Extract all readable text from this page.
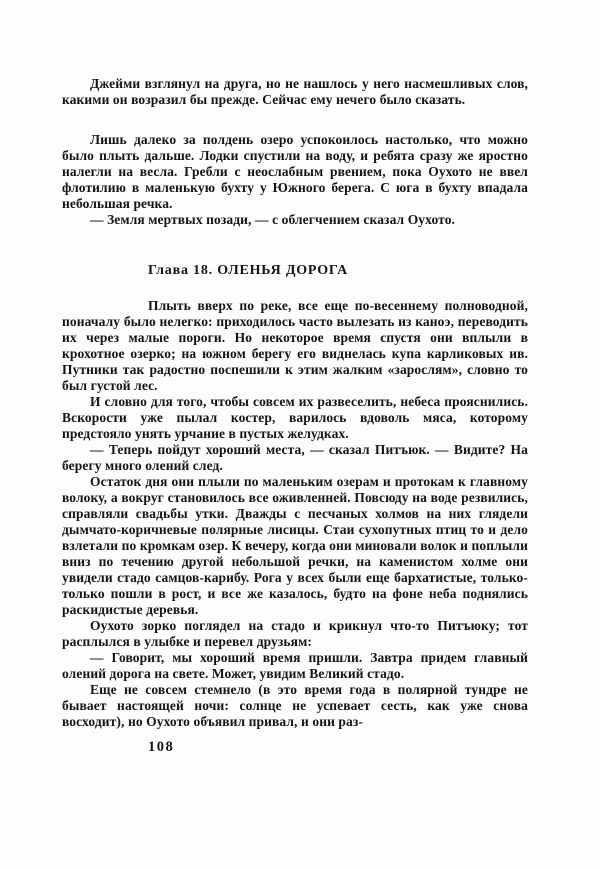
Джейми взглянул на друга, но не нашлось у него насмешливых слов, какими он возразил бы прежде. Сейчас ему нечего было сказать.

Лишь далеко за полдень озеро успокоилось настолько, что можно было плыть дальше. Лодки спустили на воду, и ребята сразу же яростно налегли на весла. Гребли с неослабным рвением, пока Оухото не ввел флотилию в маленькую бухту у Южного берега. С юга в бухту впадала небольшая речка.

— Земля мертвых позади, — с облегчением сказал Оухото.

Глава 18. ОЛЕНЬЯ ДОРОГА

Плыть вверх по реке, все еще по-весеннему полноводной, поначалу было нелегко: приходилось часто вылезать из каноэ, переводить их через малые пороги. Но некоторое время спустя они вплыли в крохотное озерко; на южном берегу его виднелась купа карликовых ив. Путники так радостно поспешили к этим жалким «зарослям», словно то был густой лес.

И словно для того, чтобы совсем их развеселить, небеса прояснились. Вскорости уже пылал костер, варилось вдоволь мяса, которому предстояло унять урчание в пустых желудках.

— Теперь пойдут хороший места, — сказал Питъюк. — Видите? На берегу много олений след.

Остаток дня они плыли по маленьким озерам и протокам к главному волоку, а вокруг становилось все оживленней. Повсюду на воде резвились, справляли свадьбы утки. Дважды с песчаных холмов на них глядели дымчато-коричневые полярные лисицы. Стаи сухопутных птиц то и дело взлетали по кромкам озер. К вечеру, когда они миновали волок и поплыли вниз по течению другой небольшой речки, на каменистом холме они увидели стадо самцов-карибу. Рога у всех были еще бархатистые, только-только пошли в рост, и все же казалось, будто на фоне неба поднялись раскидистые деревья.

Оухото зорко поглядел на стадо и крикнул что-то Питъюку; тот расплылся в улыбке и перевел друзьям:

— Говорит, мы хороший время пришли. Завтра придем главный олений дорога на свете. Может, увидим Великий стадо.

Еще не совсем стемнело (в это время года в полярной тундре не бывает настоящей ночи: солнце не успевает сесть, как уже снова восходит), но Оухото объявил привал, и они раз-

108
